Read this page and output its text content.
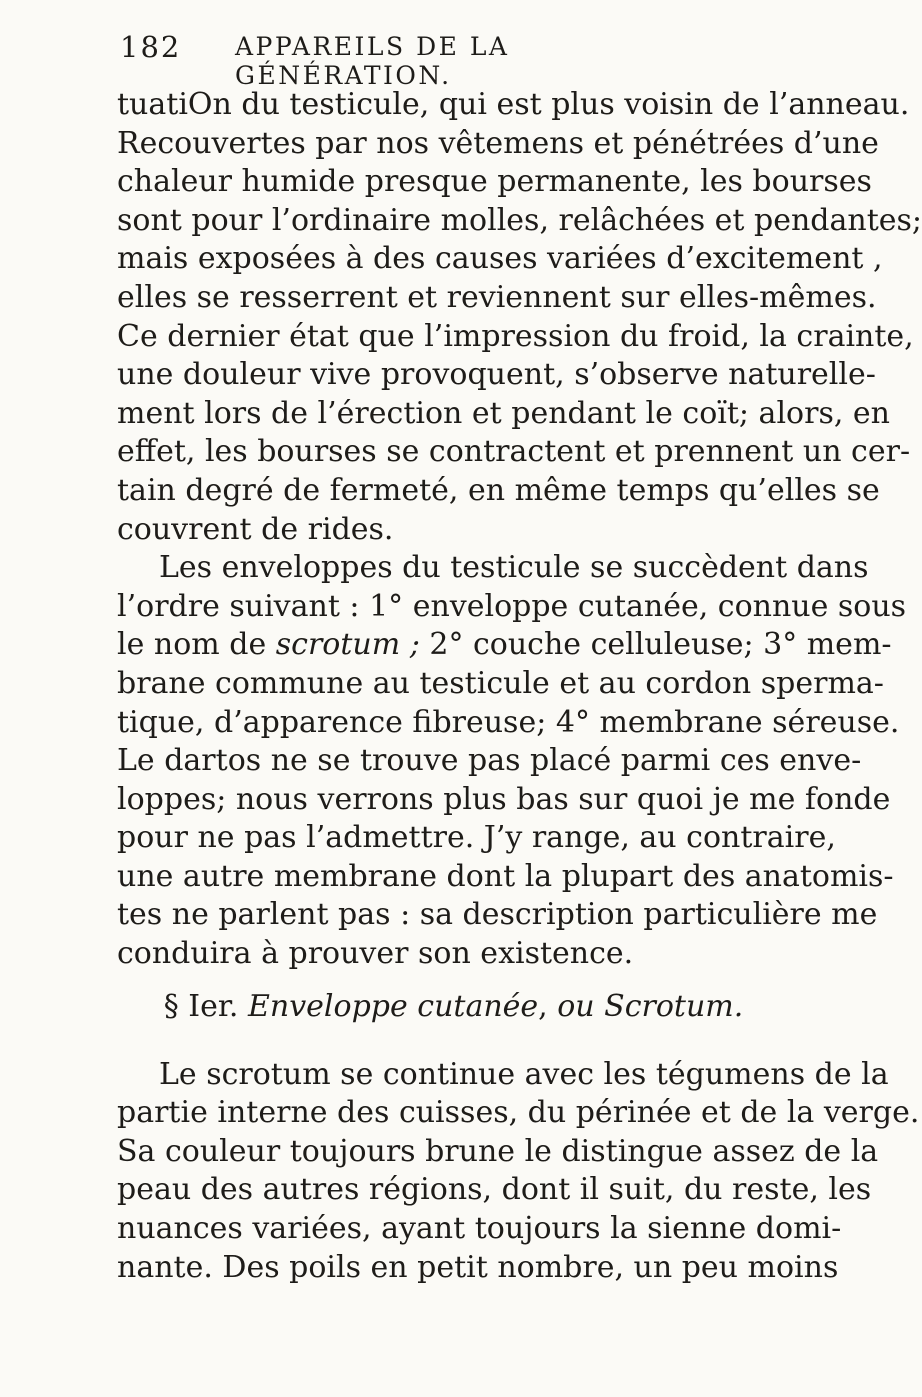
182 APPAREILS DE LA GÉNÉRATION.
tuatiOn du testicule, qui est plus voisin de l’anneau.
Recouvertes par nos vêtemens et pénétrées d’une
chaleur humide presque permanente, les bourses
sont pour l’ordinaire molles, relâchées et pendantes;
mais exposées à des causes variées d’excitement ,
elles se resserrent et reviennent sur elles-mêmes.
Ce dernier état que l’impression du froid, la crainte,
une douleur vive provoquent, s’observe naturelle-
ment lors de l’érection et pendant le coït; alors, en
effet, les bourses se contractent et prennent un cer-
tain degré de fermeté, en même temps qu’elles se
couvrent de rides.
Les enveloppes du testicule se succèdent dans
l’ordre suivant : 1° enveloppe cutanée, connue sous
le nom de scrotum ; 2° couche celluleuse; 3° mem-
brane commune au testicule et au cordon sperma-
tique, d’apparence fibreuse; 4° membrane séreuse.
Le dartos ne se trouve pas placé parmi ces enve-
loppes; nous verrons plus bas sur quoi je me fonde
pour ne pas l’admettre. J’y range, au contraire,
une autre membrane dont la plupart des anatomis-
tes ne parlent pas : sa description particulière me
conduira à prouver son existence.
§ Ier. Enveloppe cutanée, ou Scrotum.
Le scrotum se continue avec les tégumens de la
partie interne des cuisses, du périnée et de la verge.
Sa couleur toujours brune le distingue assez de la
peau des autres régions, dont il suit, du reste, les
nuances variées, ayant toujours la sienne domi-
nante. Des poils en petit nombre, un peu moins
